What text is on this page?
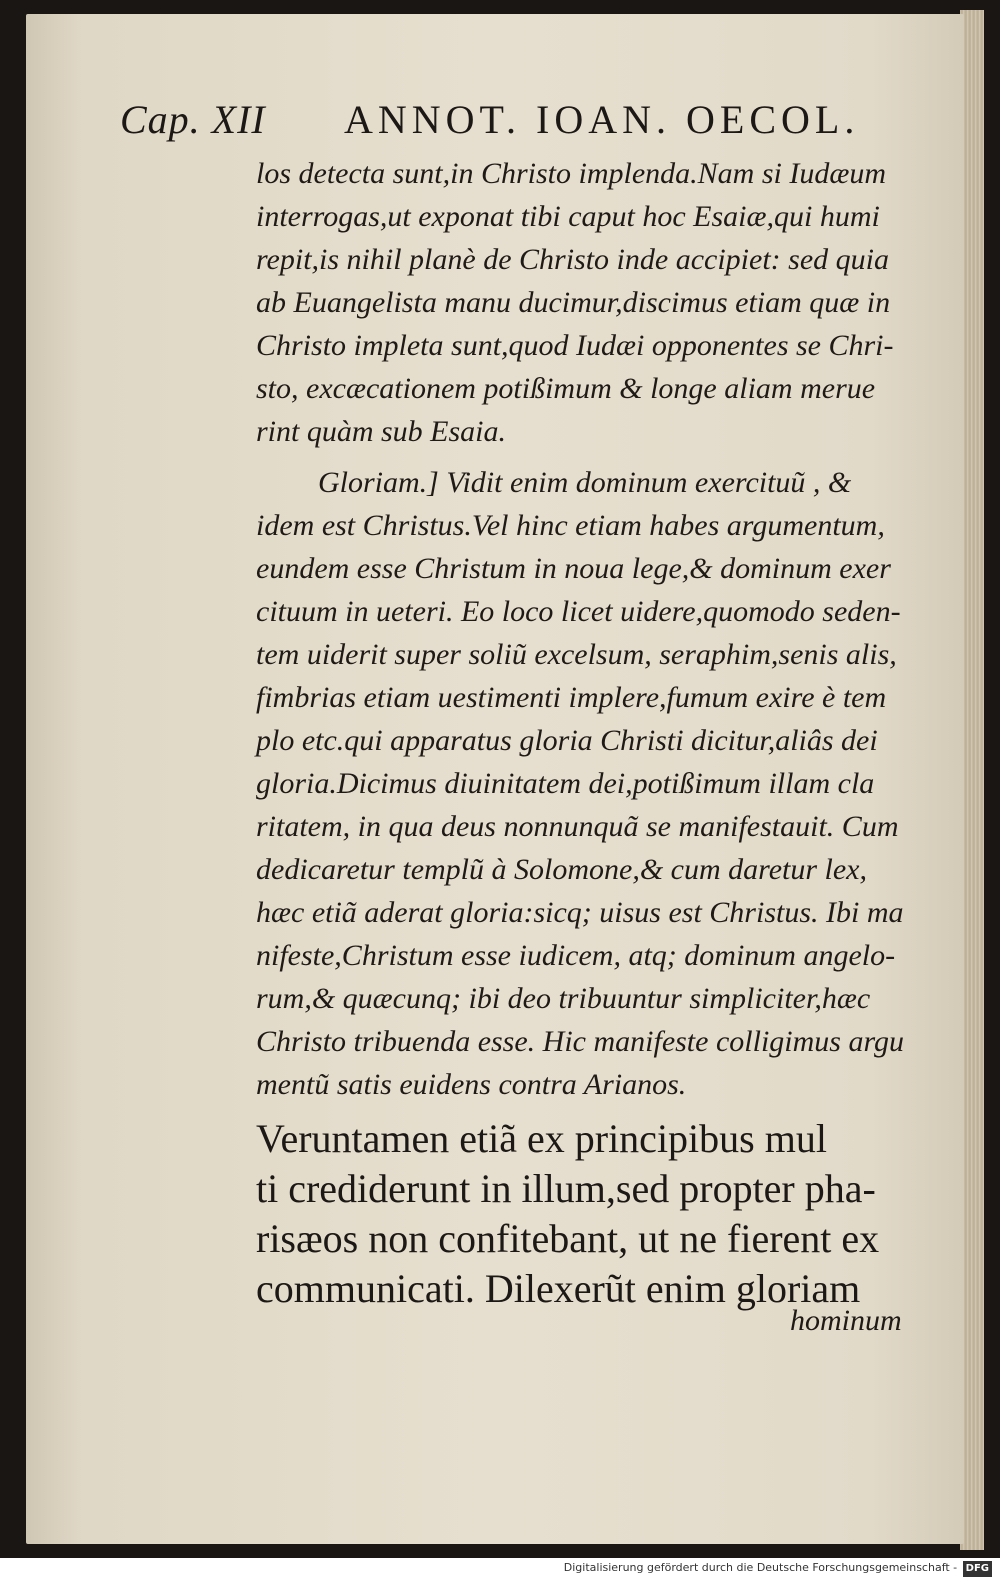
Cap. XII ANNOT. IOAN. OECOL.
los detecta sunt,in Christo implenda.Nam si Iudæum
interrogas,ut exponat tibi caput hoc Esaiæ,qui humi
repit,is nihil planè de Christo inde accipiet: sed quia
ab Euangelista manu ducimur,discimus etiam quæ in
Christo impleta sunt,quod Iudæi opponentes se Chri-
sto, excæcationem potißimum & longe aliam merue
rint quàm sub Esaia.
Gloriam.] Vidit enim dominum exercituũ , &
idem est Christus.Vel hinc etiam habes argumentum,
eundem esse Christum in noua lege,& dominum exer
cituum in ueteri. Eo loco licet uidere,quomodo seden-
tem uiderit super soliũ excelsum, seraphim,senis alis,
fimbrias etiam uestimenti implere,fumum exire è tem
plo etc.qui apparatus gloria Christi dicitur,aliâs dei
gloria.Dicimus diuinitatem dei,potißimum illam cla
ritatem, in qua deus nonnunquã se manifestauit. Cum
dedicaretur templũ à Solomone,& cum daretur lex,
hæc etiã aderat gloria:sicq; uisus est Christus. Ibi ma
nifeste,Christum esse iudicem, atq; dominum angelo-
rum,& quæcunq; ibi deo tribuuntur simpliciter,hæc
Christo tribuenda esse. Hic manifeste colligimus argu
mentũ satis euidens contra Arianos.
Veruntamen etiã ex principibus mul
ti crediderunt in illum,sed propter pha-
risæos non confitebant, ut ne fierent ex
communicati. Dilexerũt enim gloriam
hominum
Digitalisierung gefördert durch die Deutsche Forschungsgemeinschaft - DFG
